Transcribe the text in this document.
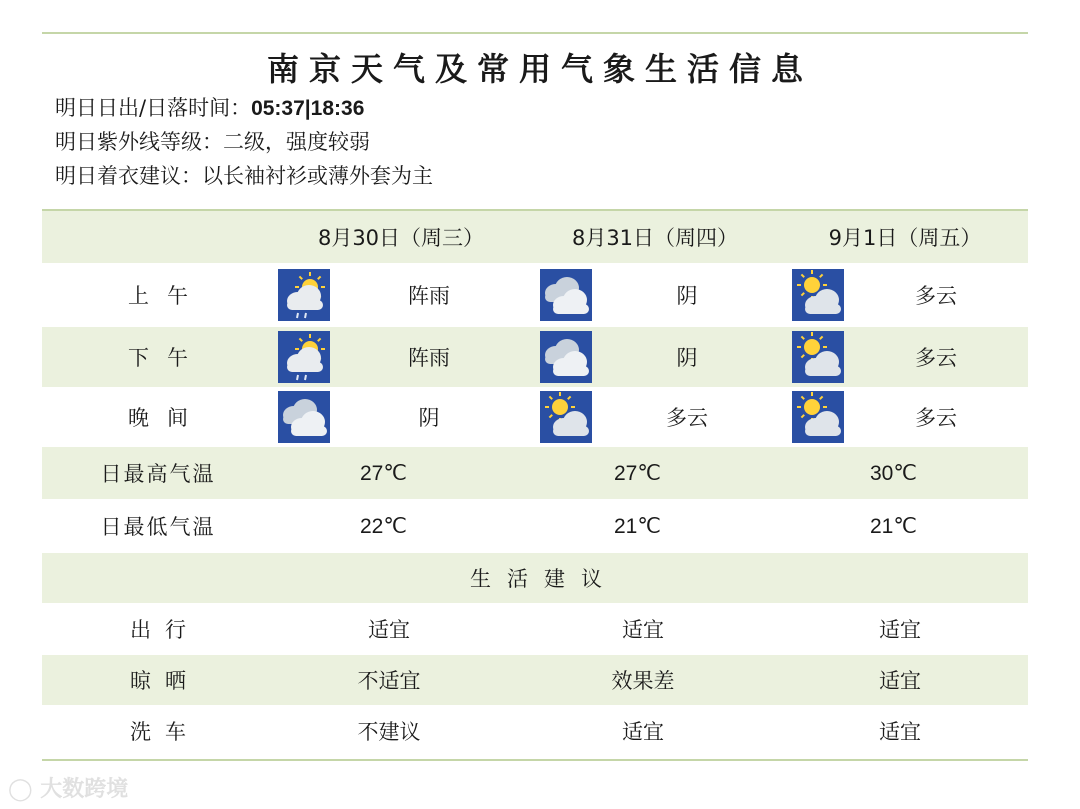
南京天气及常用气象生活信息
明日日出/日落时间：05:37|18:36
明日紫外线等级：二级，强度较弱
明日着衣建议：以长袖衬衫或薄外套为主
	8月30日（周三）	8月31日（周四）	9月1日（周五）
上午	阵雨	阴	多云

下午	阵雨	阴	多云

晚间	阴	多云	多云

日最高气温	27℃	27℃	30℃
日最低气温	22℃	21℃	21℃
生活建议			
出行	适宜	适宜	适宜
晾晒	不适宜	效果差	适宜
洗车	不建议	适宜	适宜
◯ 大数跨境
